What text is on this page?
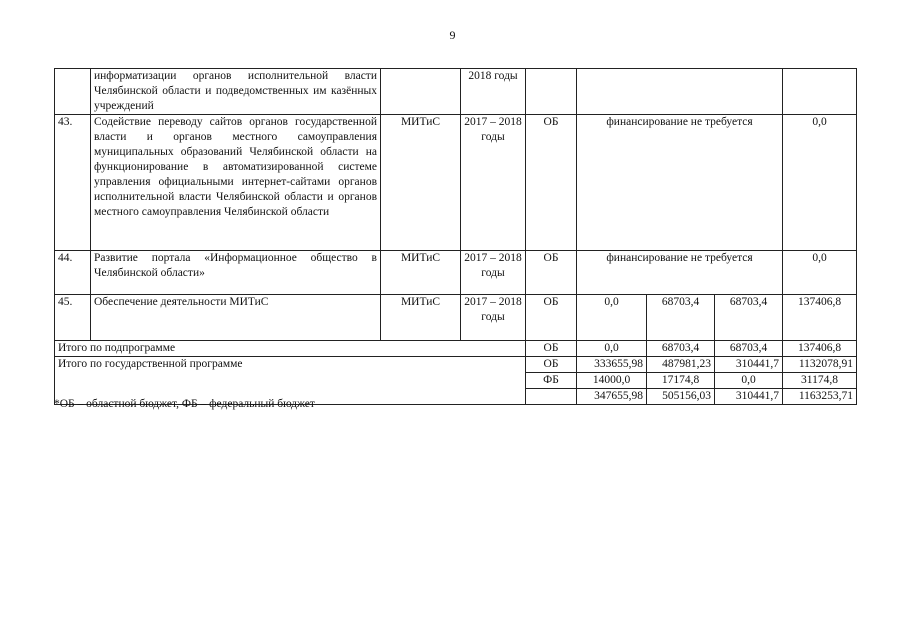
9
	информатизации органов исполнительной власти Челябинской области и подведомственных им казённых учреждений		2018 годы					
43.	Содействие переводу сайтов органов государственной власти и органов местного самоуправления муниципальных образований Челябинской области на функционирование в автоматизированной системе управления официальными интернет-сайтами органов исполнительной власти Челябинской области и органов местного самоуправления Челябинской области	МИТиС	2017 – 2018 годы	ОБ	финансирование не требуется			0,0
44.	Развитие портала «Информационное общество в Челябинской области»	МИТиС	2017 – 2018 годы	ОБ	финансирование не требуется			0,0
45.	Обеспечение деятельности МИТиС	МИТиС	2017 – 2018 годы	ОБ	0,0	68703,4	68703,4	137406,8
Итого по подпрограмме				ОБ	0,0	68703,4	68703,4	137406,8
Итого по государственной программе				ОБ	333655,98	487981,23	310441,7	1132078,91
				ФБ	14000,0	17174,8	0,0	31174,8
					347655,98	505156,03	310441,7	1163253,71
*ОБ – областной бюджет, ФБ – федеральный бюджет
